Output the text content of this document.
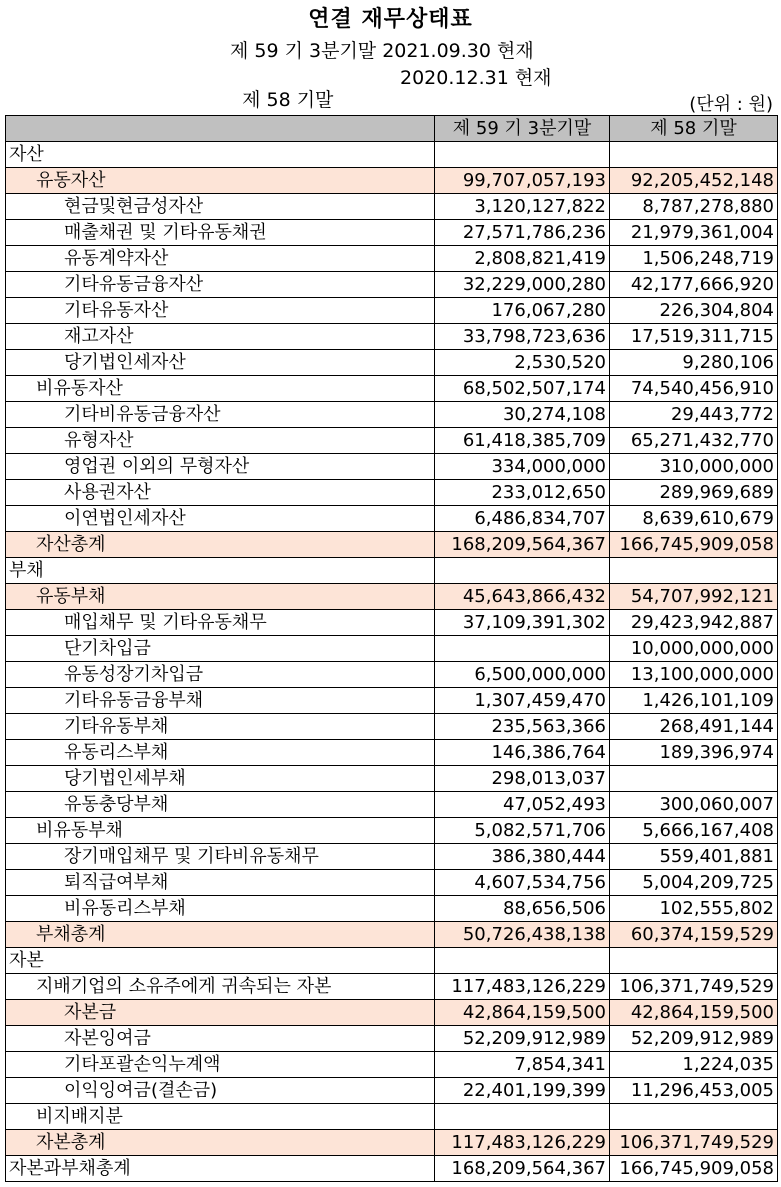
연결 재무상태표
제 59 기 3분기말 2021.09.30 현재

제 58 기말

2020.12.31 현재

(단위 : 원)
	제 59 기 3분기말	제 58 기말
자산		
유동자산	99,707,057,193	92,205,452,148
현금및현금성자산	3,120,127,822	8,787,278,880
매출채권 및 기타유동채권	27,571,786,236	21,979,361,004
유동계약자산	2,808,821,419	1,506,248,719
기타유동금융자산	32,229,000,280	42,177,666,920
기타유동자산	176,067,280	226,304,804
재고자산	33,798,723,636	17,519,311,715
당기법인세자산	2,530,520	9,280,106
비유동자산	68,502,507,174	74,540,456,910
기타비유동금융자산	30,274,108	29,443,772
유형자산	61,418,385,709	65,271,432,770
영업권 이외의 무형자산	334,000,000	310,000,000
사용권자산	233,012,650	289,969,689
이연법인세자산	6,486,834,707	8,639,610,679
자산총계	168,209,564,367	166,745,909,058
부채		
유동부채	45,643,866,432	54,707,992,121
매입채무 및 기타유동채무	37,109,391,302	29,423,942,887
단기차입금		10,000,000,000
유동성장기차입금	6,500,000,000	13,100,000,000
기타유동금융부채	1,307,459,470	1,426,101,109
기타유동부채	235,563,366	268,491,144
유동리스부채	146,386,764	189,396,974
당기법인세부채	298,013,037	
유동충당부채	47,052,493	300,060,007
비유동부채	5,082,571,706	5,666,167,408
장기매입채무 및 기타비유동채무	386,380,444	559,401,881
퇴직급여부채	4,607,534,756	5,004,209,725
비유동리스부채	88,656,506	102,555,802
부채총계	50,726,438,138	60,374,159,529
자본		
지배기업의 소유주에게 귀속되는 자본	117,483,126,229	106,371,749,529
자본금	42,864,159,500	42,864,159,500
자본잉여금	52,209,912,989	52,209,912,989
기타포괄손익누계액	7,854,341	1,224,035
이익잉여금(결손금)	22,401,199,399	11,296,453,005
비지배지분		
자본총계	117,483,126,229	106,371,749,529
자본과부채총계	168,209,564,367	166,745,909,058
